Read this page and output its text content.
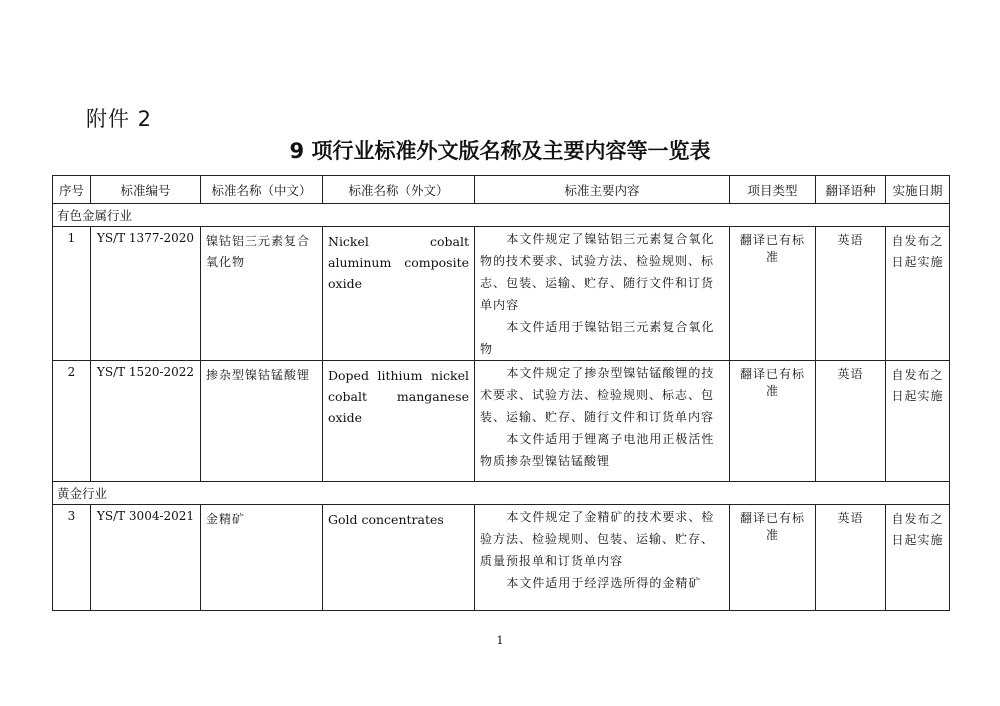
附件 2
9 项行业标准外文版名称及主要内容等一览表
序号	标准编号	标准名称（中文）	标准名称（外文）	标准主要内容	项目类型	翻译语种	实施日期
有色金属行业							
1	YS/T 1377-2020	镍钴铝三元素复合氧化物	Nickel cobalt aluminum composite oxide	本文件规定了镍钴铝三元素复合氧化物的技术要求、试验方法、检验规则、标志、包装、运输、贮存、随行文件和订货单内容

本文件适用于镍钴铝三元素复合氧化物	翻译已有标准	英语	自发布之日起实施
2	YS/T 1520-2022	掺杂型镍钴锰酸锂	Doped lithium nickel cobalt manganese oxide	本文件规定了掺杂型镍钴锰酸锂的技术要求、试验方法、检验规则、标志、包装、运输、贮存、随行文件和订货单内容

本文件适用于锂离子电池用正极活性物质掺杂型镍钴锰酸锂	翻译已有标准	英语	自发布之日起实施
黄金行业							
3	YS/T 3004-2021	金精矿	Gold concentrates	本文件规定了金精矿的技术要求、检验方法、检验规则、包装、运输、贮存、质量预报单和订货单内容

本文件适用于经浮选所得的金精矿	翻译已有标准	英语	自发布之日起实施
1
